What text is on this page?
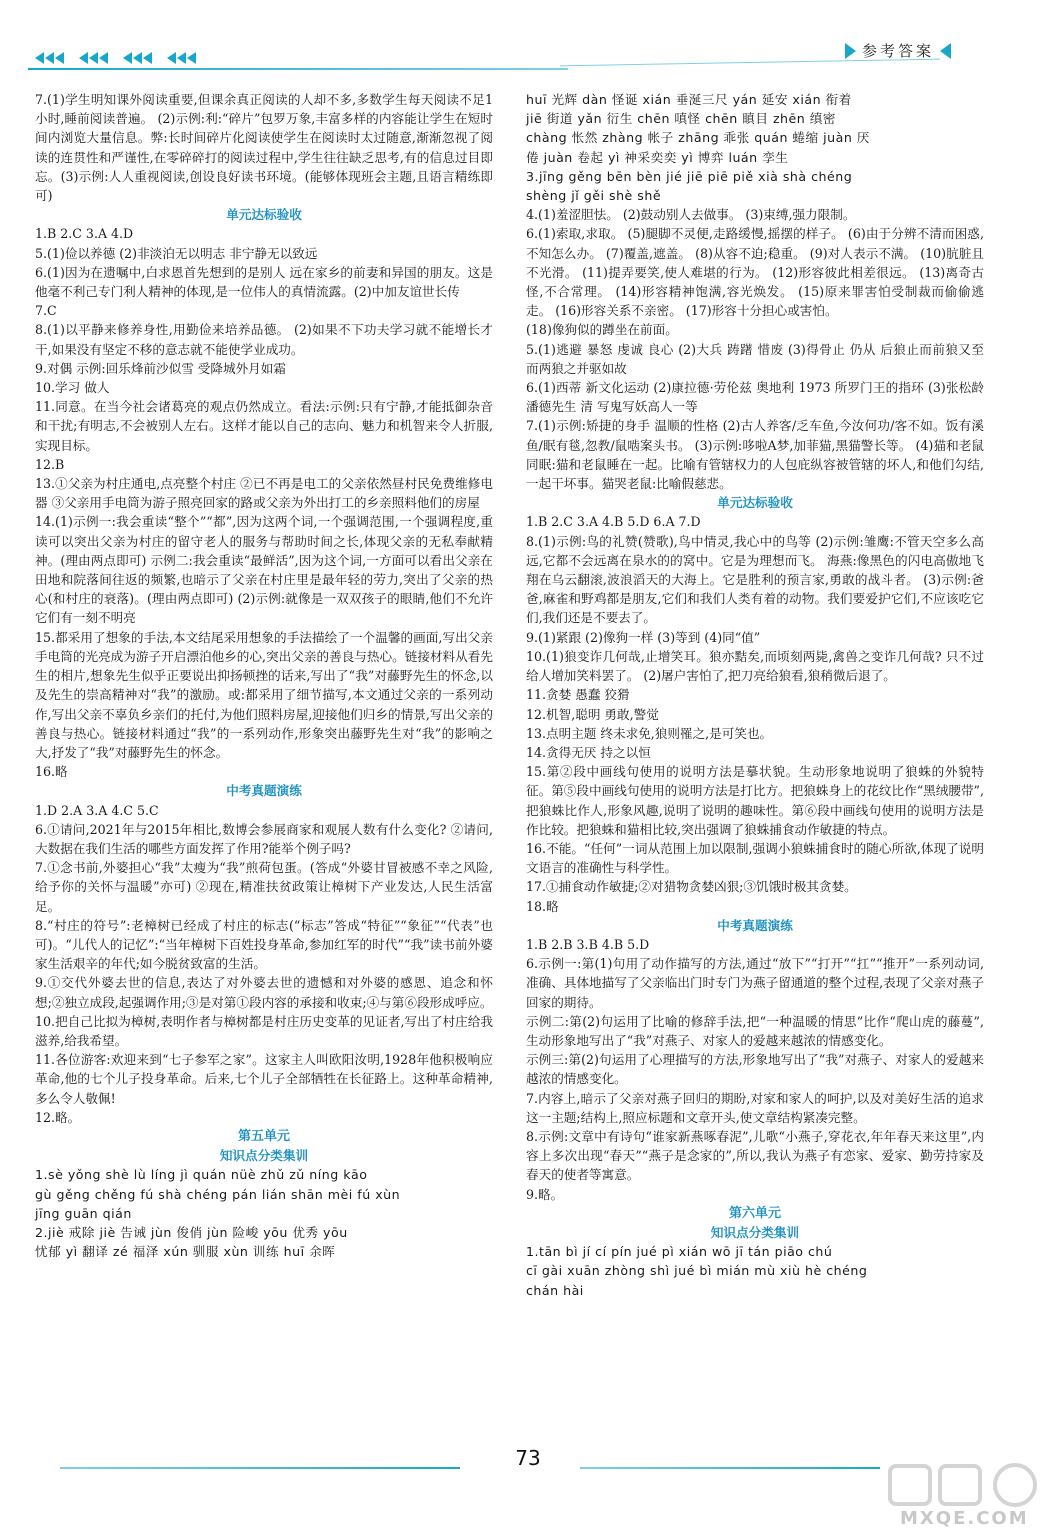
参考答案

7.(1)学生明知课外阅读重要,但课余真正阅读的人却不多,多数学生每天阅读不足1小时,睡前阅读普遍。 (2)示例:利:“碎片”包罗万象,丰富多样的内容能让学生在短时间内浏览大量信息。弊:长时间碎片化阅读使学生在阅读时太过随意,渐渐忽视了阅读的连贯性和严谨性,在零碎碎打的阅读过程中,学生往往缺乏思考,有的信息过目即忘。(3)示例:人人重视阅读,创设良好读书环境。(能够体现班会主题,且语言精练即可)

单元达标验收

1.B 2.C 3.A 4.D

5.(1)俭以养德 (2)非淡泊无以明志 非宁静无以致远

6.(1)因为在遗嘱中,白求恩首先想到的是别人 远在家乡的前妻和异国的朋友。这是他毫不利己专门利人精神的体现,是一位伟人的真情流露。(2)中加友谊世长传

7.C

8.(1)以平静来修养身性,用勤俭来培养品德。 (2)如果不下功夫学习就不能增长才干,如果没有坚定不移的意志就不能使学业成功。

9.对偶 示例:回乐烽前沙似雪 受降城外月如霜

10.学习 做人

11.同意。在当今社会诸葛亮的观点仍然成立。看法:示例:只有宁静,才能抵御杂音和干扰;有明志,不会被别人左右。这样才能以自己的志向、魅力和机智来令人折服,实现目标。

12.B

13.①父亲为村庄通电,点亮整个村庄 ②已不再是电工的父亲依然昼村民免费维修电器 ③父亲用手电筒为游子照亮回家的路或父亲为外出打工的乡亲照料他们的房屋

14.(1)示例一:我会重读“整个”“都”,因为这两个词,一个强调范围,一个强调程度,重读可以突出父亲为村庄的留守老人的服务与帮助时间之长,体现父亲的无私奉献精神。(理由两点即可) 示例二:我会重读“最鲜活”,因为这个词,一方面可以看出父亲在田地和院落间往返的频繁,也暗示了父亲在村庄里是最年轻的劳力,突出了父亲的热心(和村庄的衰落)。(理由两点即可) (2)示例:就像是一双双孩子的眼睛,他们不允许它们有一刻不明亮

15.都采用了想象的手法,本文结尾采用想象的手法描绘了一个温馨的画面,写出父亲手电筒的光亮成为游子开启漂泊他乡的心,突出父亲的善良与热心。链接材料从看先生的相片,想象先生似乎正要说出抑扬顿挫的话来,写出了“我”对藤野先生的怀念,以及先生的崇高精神对“我”的激励。或:都采用了细节描写,本文通过父亲的一系列动作,写出父亲不辜负乡亲们的托付,为他们照料房屋,迎接他们归乡的情景,写出父亲的善良与热心。链接材料通过“我”的一系列动作,形象突出藤野先生对“我”的影响之大,抒发了“我”对藤野先生的怀念。

16.略

中考真题演练

1.D 2.A 3.A 4.C 5.C

6.①请问,2021年与2015年相比,数博会参展商家和观展人数有什么变化? ②请问,大数据在我们生活的哪些方面发挥了作用?能举个例子吗?

7.①念书前,外婆担心“我”太瘦为“我”煎荷包蛋。(答成“外婆甘冒被感不幸之风险,给予你的关怀与温暖”亦可) ②现在,精准扶贫政策让樟树下产业发达,人民生活富足。

8.“村庄的符号”:老樟树已经成了村庄的标志(“标志”答成“特征”“象征”“代表”也可)。“儿代人的记忆”:“当年樟树下百姓投身革命,参加红军的时代”“我”读书前外婆家生活艰辛的年代;如今脱贫致富的生活。

9.①交代外婆去世的信息,表达了对外婆去世的遗憾和对外婆的感恩、追念和怀想;②独立成段,起强调作用;③是对第①段内容的承接和收束;④与第⑥段形成呼应。

10.把自己比拟为樟树,表明作者与樟树都是村庄历史变革的见证者,写出了村庄给我滋养,给我希望。

11.各位游客:欢迎来到“七子参军之家”。这家主人叫欧阳汝明,1928年他积极响应革命,他的七个儿子投身革命。后来,七个儿子全部牺牲在长征路上。这种革命精神,多么令人敬佩!

12.略。

第五单元

知识点分类集训

1.sè yǒng shè lù líng jì quán nüè zhǔ zǔ níng kāo

gù gěng chěng fú shà chéng pán lián shān mèi fú xùn

jīng guān qián

2.jiè 戒除 jiè 告诫 jùn 俊俏 jùn 险峻 yōu 优秀 yōu

忧郁 yì 翻译 zé 福泽 xún 驯服 xùn 训练 huī 余晖

huī 光辉 dàn 怪诞 xián 垂涎三尺 yán 延安 xián 衔着

jiē 街道 yǎn 衍生 chēn 嗔怪 chēn 瞋目 zhēn 缜密

chàng 怅然 zhàng 帐子 zhāng 乖张 quán 蜷缩 juàn 厌

倦 juàn 卷起 yì 神采奕奕 yì 博弈 luán 孪生

3.jīng gěng bēn bèn jié jiē piē piě xià shà chéng

shèng jǐ gěi shè shě

4.(1)羞涩胆怯。 (2)鼓动别人去做事。 (3)束缚,强力限制。

6.(1)索取,求取。 (5)腿脚不灵便,走路缓慢,摇摆的样子。 (6)由于分辨不清而困惑,不知怎么办。 (7)覆盖,遮盖。 (8)从容不迫;稳重。 (9)对人表示不满。 (10)肮脏且不光滑。 (11)提弄要笑,使人难堪的行为。 (12)形容彼此相差很远。 (13)离奇古怪,不合常理。 (14)形容精神饱满,容光焕发。 (15)原来罪害怕受制裁而偷偷逃走。 (16)形容关系不亲密。 (17)形容十分担心或害怕。

(18)像狗似的蹲坐在前面。

5.(1)逃避 暴怒 虔诚 良心 (2)大兵 踌躇 惜废 (3)得骨止 仍从 后狼止而前狼又至 而两狼之并驱如故

6.(1)西蒂 新文化运动 (2)康拉德·劳伦兹 奥地利 1973 所罗门王的指环 (3)张松龄 潘德先生 清 写鬼写妖高人一等

7.(1)示例:矫捷的身手 温顺的性格 (2)古人养客/乏车鱼,今汝何功/客不如。饭有溪鱼/眠有毯,忽教/鼠啮案头书。 (3)示例:哆啦A梦,加菲猫,黑猫警长等。 (4)猫和老鼠同眠:猫和老鼠睡在一起。比喻有管辖权力的人包庇纵容被管辖的坏人,和他们勾结,一起干坏事。猫哭老鼠:比喻假慈悲。

单元达标验收

1.B 2.C 3.A 4.B 5.D 6.A 7.D

8.(1)示例:鸟的礼赞(赞歌),鸟中情灵,我心中的鸟等 (2)示例:雏鹰:不管天空多么高远,它都不会远离在泉水的的窝中。它是为理想而飞。 海燕:像黑色的闪电高傲地飞翔在乌云翻滚,波浪滔天的大海上。它是胜利的预言家,勇敢的战斗者。 (3)示例:爸爸,麻雀和野鸡都是朋友,它们和我们人类有着的动物。我们要爱护它们,不应该吃它们,我们还是不要去了。

9.(1)紧跟 (2)像狗一样 (3)等到 (4)同“值”

10.(1)狼变诈几何哉,止增笑耳。狼亦黠矣,而顷刻两毙,禽兽之变诈几何哉? 只不过给人增加笑料罢了。 (2)屠户害怕了,把刀亮给狼看,狼稍微后退了。

11.贪婪 愚蠢 狡猾

12.机智,聪明 勇敢,警觉

13.点明主题 终未求免,狼则罹之,是可笑也。

14.贪得无厌 持之以恒

15.第②段中画线句使用的说明方法是摹状貌。生动形象地说明了狼蛛的外貌特征。第⑤段中画线句使用的说明方法是打比方。把狼蛛身上的花纹比作“黑绒腰带”,把狼蛛比作人,形象风趣,说明了说明的趣味性。第⑥段中画线句使用的说明方法是作比较。把狼蛛和猫相比较,突出强调了狼蛛捕食动作敏捷的特点。

16.不能。“任何”一词从范围上加以限制,强调小狼蛛捕食时的随心所欲,体现了说明文语言的准确性与科学性。

17.①捕食动作敏捷;②对猎物贪婪凶狠;③饥饿时极其贪婪。

18.略

中考真题演练

1.B 2.B 3.B 4.B 5.D

6.示例一:第(1)句用了动作描写的方法,通过“放下”“打开”“扛”“推开”一系列动词,准确、具体地描写了父亲临出门时专门为燕子留通道的整个过程,表现了父亲对燕子回家的期待。

示例二:第(2)句运用了比喻的修辞手法,把“一种温暖的情思”比作“爬山虎的藤蔓”,生动形象地写出了“我”对燕子、对家人的爱越来越浓的情感变化。

示例三:第(2)句运用了心理描写的方法,形象地写出了“我”对燕子、对家人的爱越来越浓的情感变化。

7.内容上,暗示了父亲对燕子回归的期盼,对家和家人的呵护,以及对美好生活的追求这一主题;结构上,照应标题和文章开头,使文章结构紧凑完整。

8.示例:文章中有诗句“谁家新燕啄春泥”,儿歌“小燕子,穿花衣,年年春天来这里”,内容上多次出现“春天”“燕子是念家的”,所以,我认为燕子有恋家、爱家、勤劳持家及春天的使者等寓意。

9.略。

第六单元

知识点分类集训

1.tān bì jí cí pín jué pì xián wō jī tán piāo chú

cī gài xuān zhòng shì jué bì mián mù xiù hè chéng

chán hài

73
MXQE.COM
